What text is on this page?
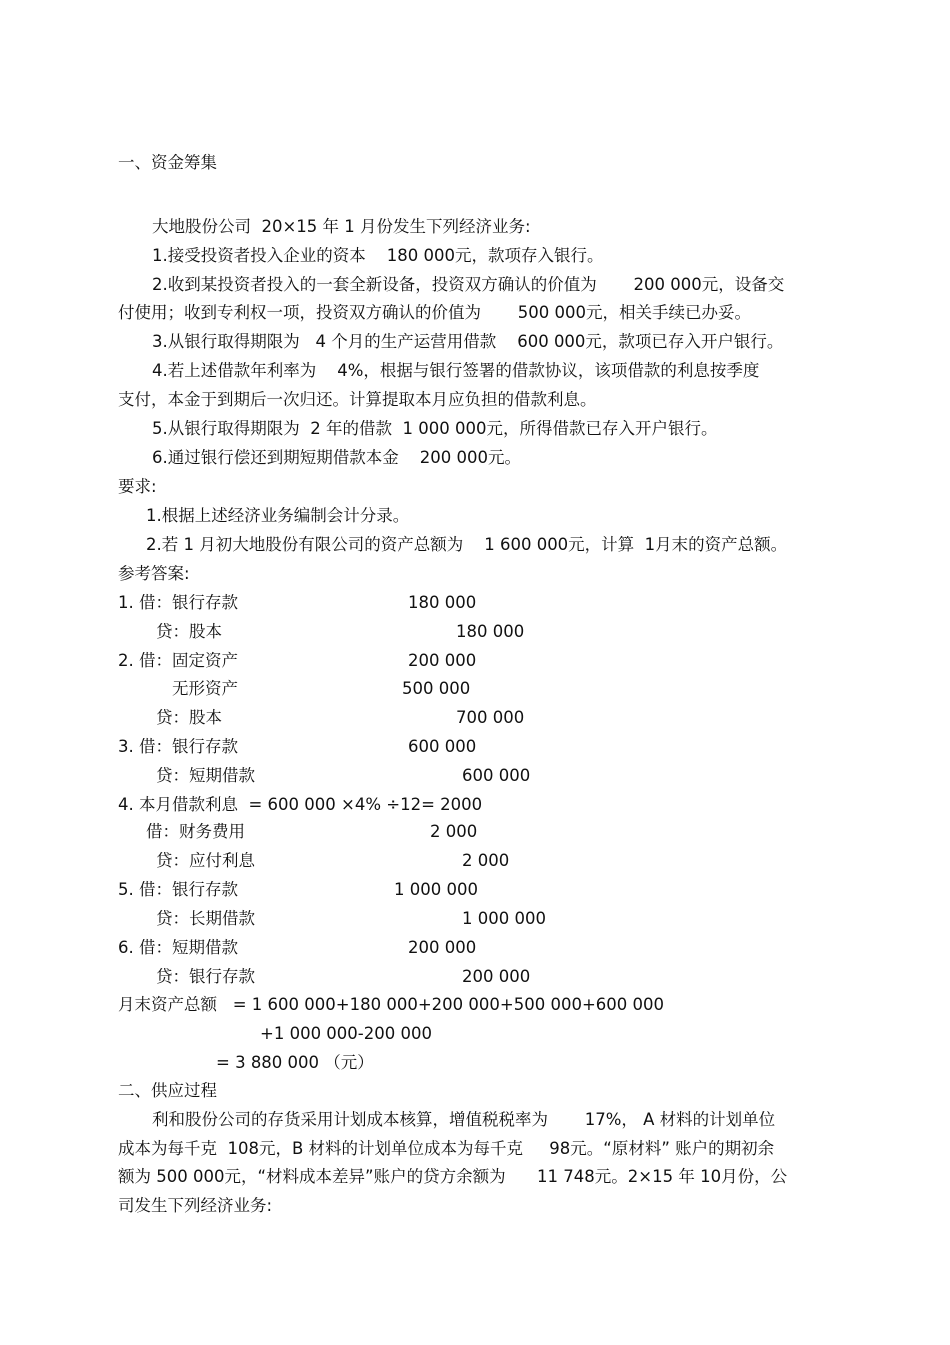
一、资金筹集
大地股份公司  20×15 年 1 月份发生下列经济业务:
1.接受投资者投入企业的资本    180 000元，款项存入银行。
2.收到某投资者投入的一套全新设备，投资双方确认的价值为       200 000元，设备交
付使用；收到专利权一项，投资双方确认的价值为       500 000元，相关手续已办妥。
3.从银行取得期限为   4 个月的生产运营用借款    600 000元，款项已存入开户银行。
4.若上述借款年利率为    4%，根据与银行签署的借款协议，该项借款的利息按季度
支付，本金于到期后一次归还。计算提取本月应负担的借款利息。
5.从银行取得期限为  2 年的借款  1 000 000元，所得借款已存入开户银行。
6.通过银行偿还到期短期借款本金    200 000元。
要求:
1.根据上述经济业务编制会计分录。
2.若 1 月初大地股份有限公司的资产总额为    1 600 000元，计算  1月末的资产总额。
参考答案:
1. 借：银行存款	180 000
贷：股本	180 000
2. 借：固定资产	200 000
无形资产	500 000
贷：股本	700 000
3. 借：银行存款	600 000
贷：短期借款	600 000
4. 本月借款利息  = 600 000 ×4% ÷12= 2000
借：财务费用	2 000
贷：应付利息	2 000
5. 借：银行存款	1 000 000
贷：长期借款	1 000 000
6. 借：短期借款	200 000
贷：银行存款	200 000
月末资产总额   = 1 600 000+180 000+200 000+500 000+600 000
+1 000 000-200 000
= 3 880 000 （元）
二、供应过程
利和股份公司的存货采用计划成本核算，增值税税率为       17%， A 材料的计划单位
成本为每千克  108元，B 材料的计划单位成本为每千克     98元。“原材料” 账户的期初余
额为 500 000元，“材料成本差异”账户的贷方余额为      11 748元。2×15 年 10月份，公
司发生下列经济业务:
